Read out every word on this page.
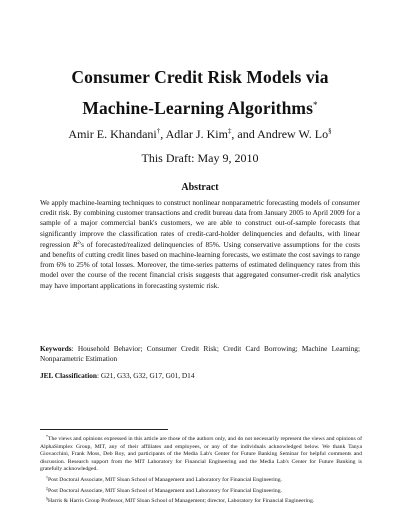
Consumer Credit Risk Models via
Machine-Learning Algorithms*
Amir E. Khandani†, Adlar J. Kim‡, and Andrew W. Lo§
This Draft: May 9, 2010
Abstract
We apply machine-learning techniques to construct nonlinear nonparametric forecasting models of consumer credit risk. By combining customer transactions and credit bureau data from January 2005 to April 2009 for a sample of a major commercial bank's customers, we are able to construct out-of-sample forecasts that significantly improve the classification rates of credit-card-holder delinquencies and defaults, with linear regression $R^2's$ of forecasted/realized delinquencies of 85%. Using conservative assumptions for the costs and benefits of cutting credit lines based on machine-learning forecasts, we estimate the cost savings to range from 6% to 25% of total losses. Moreover, the time-series patterns of estimated delinquency rates from this model over the course of the recent financial crisis suggests that aggregated consumer-credit risk analytics may have important applications in forecasting systemic risk.
Keywords: Household Behavior; Consumer Credit Risk; Credit Card Borrowing; Machine Learning; Nonparametric Estimation
JEL Classification: G21, G33, G32, G17, G01, D14

*The views and opinions expressed in this article are those of the authors only, and do not necessarily represent the views and opinions of AlphaSimplex Group, MIT, any of their affiliates and employees, or any of the individuals acknowledged below. We thank Tanya Giovacchini, Frank Moss, Deb Roy, and participants of the Media Lab's Center for Future Banking Seminar for helpful comments and discussion. Research support from the MIT Laboratory for Financial Engineering and the Media Lab's Center for Future Banking is gratefully acknowledged.

†Post Doctoral Associate, MIT Sloan School of Management and Laboratory for Financial Engineering.

‡Post Doctoral Associate, MIT Sloan School of Management and Laboratory for Financial Engineering.

§Harris & Harris Group Professor, MIT Sloan School of Management; director, Laboratory for Financial Engineering.
